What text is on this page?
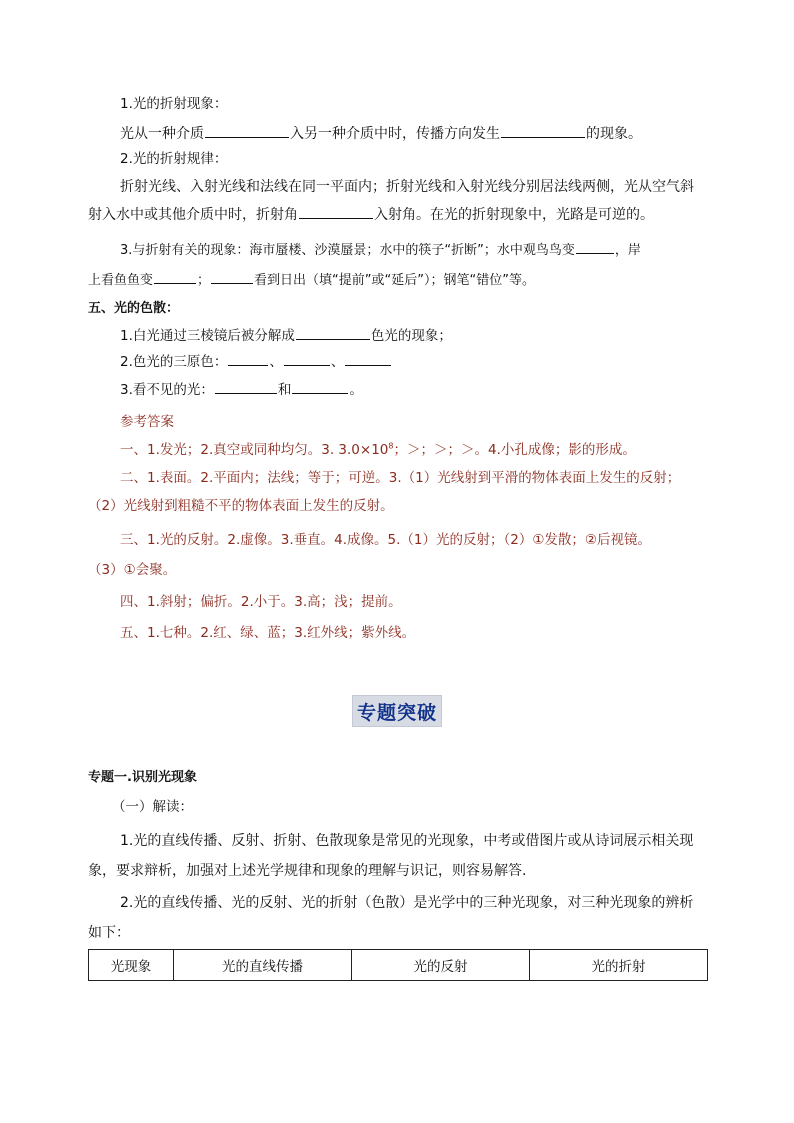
1.光的折射现象：
光从一种介质	入另一种介质中时，传播方向发生	的现象。
2.光的折射规律：
折射光线、入射光线和法线在同一平面内；折射光线和入射光线分别居法线两侧，光从空气斜
射入水中或其他介质中时，折射角	入射角。在光的折射现象中，光路是可逆的。
3.与折射有关的现象：海市蜃楼、沙漠蜃景；水中的筷子“折断”；水中观鸟鸟变	，岸
上看鱼鱼变	；	看到日出（填“提前”或“延后”）；钢笔“错位”等。
五、光的色散：
1.白光通过三棱镜后被分解成	色光的现象；
2.色光的三原色：	、	、
3.看不见的光：	和	。
参考答案
一、1.发光；2.真空或同种均匀。3. $3.0\times 10^8$；＞；＞；＞。4.小孔成像；影的形成。
二、1.表面。2.平面内；法线；等于；可逆。3.（1）光线射到平滑的物体表面上发生的反射；
（2）光线射到粗糙不平的物体表面上发生的反射。
三、1.光的反射。2.虚像。3.垂直。4.成像。5.（1）光的反射；（2）①发散；②后视镜。
（3）①会聚。
四、1.斜射；偏折。2.小于。3.高；浅；提前。
五、1.七种。2.红、绿、蓝；3.红外线；紫外线。
专题突破
专题一.识别光现象
（一）解读：
1.光的直线传播、反射、折射、色散现象是常见的光现象，中考或借图片或从诗词展示相关现
象，要求辩析，加强对上述光学规律和现象的理解与识记，则容易解答.
2.光的直线传播、光的反射、光的折射（色散）是光学中的三种光现象，对三种光现象的辨析
如下：
光现象	光的直线传播	光的反射	光的折射
